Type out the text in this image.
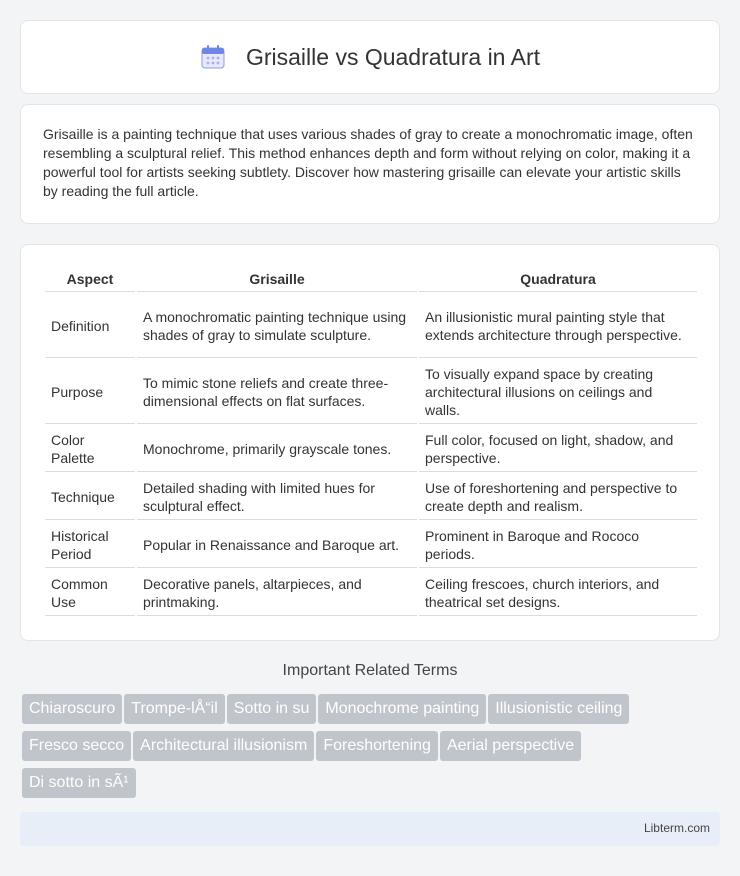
Grisaille vs Quadratura in Art

Grisaille is a painting technique that uses various shades of gray to create a monochromatic image, often resembling a sculptural relief. This method enhances depth and form without relying on color, making it a powerful tool for artists seeking subtlety. Discover how mastering grisaille can elevate your artistic skills by reading the full article.

Aspect	Grisaille	Quadratura
Definition	A monochromatic painting technique using shades of gray to simulate sculpture.	An illusionistic mural painting style that extends architecture through perspective.
Purpose	To mimic stone reliefs and create three-dimensional effects on flat surfaces.	To visually expand space by creating architectural illusions on ceilings and walls.
Color Palette	Monochrome, primarily grayscale tones.	Full color, focused on light, shadow, and perspective.
Technique	Detailed shading with limited hues for sculptural effect.	Use of foreshortening and perspective to create depth and realism.
Historical Period	Popular in Renaissance and Baroque art.	Prominent in Baroque and Rococo periods.
Common Use	Decorative panels, altarpieces, and printmaking.	Ceiling frescoes, church interiors, and theatrical set designs.
Important Related Terms
Chiaroscuro Trompe-lÅ“il Sotto in su Monochrome painting Illusionistic ceiling
Fresco secco Architectural illusionism Foreshortening Aerial perspective
Di sotto in sÃ¹
Libterm.com
